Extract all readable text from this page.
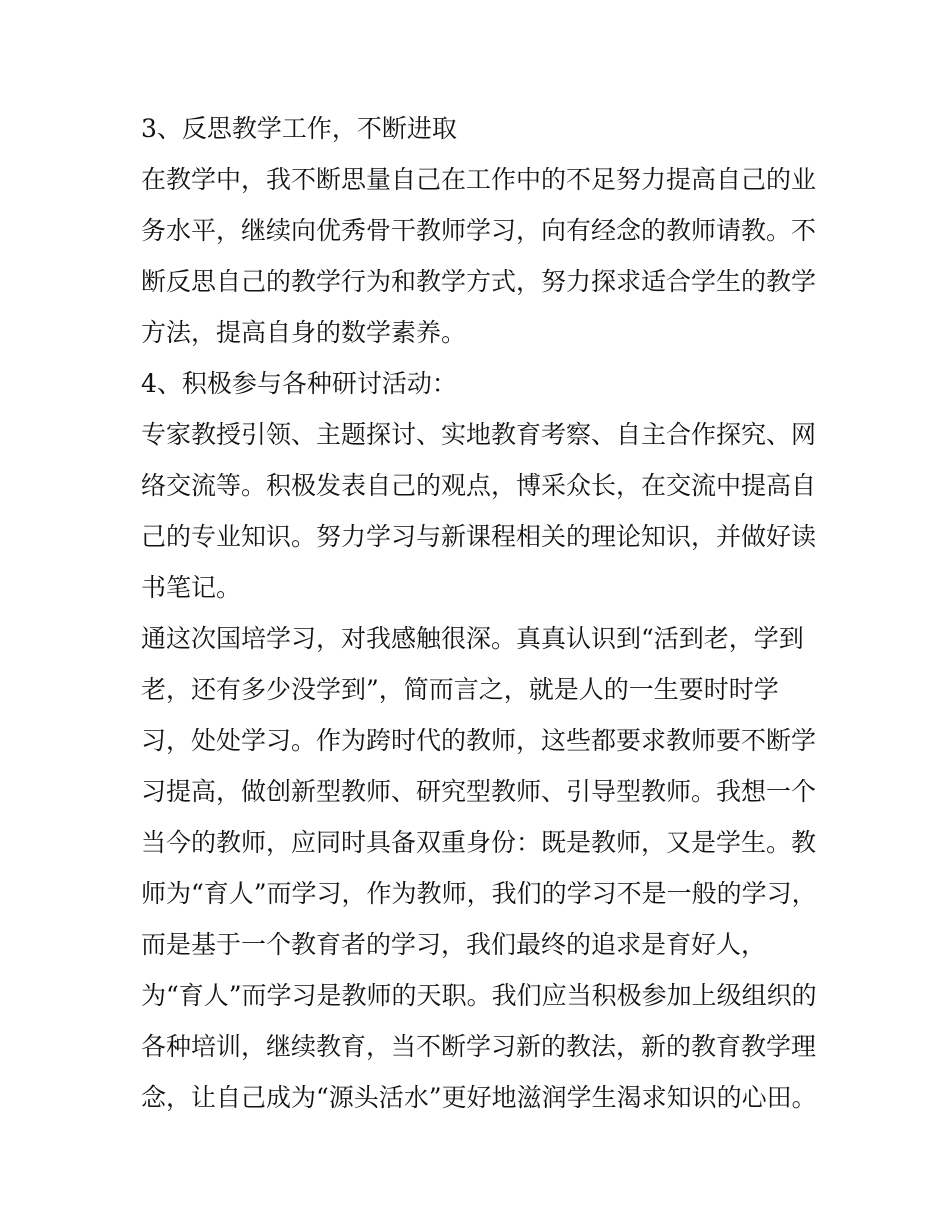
3、反思教学工作，不断进取
在教学中，我不断思量自己在工作中的不足努力提高自己的业
务水平，继续向优秀骨干教师学习，向有经念的教师请教。不
断反思自己的教学行为和教学方式，努力探求适合学生的教学
方法，提高自身的数学素养。
4、积极参与各种研讨活动：
专家教授引领、主题探讨、实地教育考察、自主合作探究、网
络交流等。积极发表自己的观点，博采众长，在交流中提高自
己的专业知识。努力学习与新课程相关的理论知识，并做好读
书笔记。
通这次国培学习，对我感触很深。真真认识到“活到老，学到
老，还有多少没学到”，简而言之，就是人的一生要时时学
习，处处学习。作为跨时代的教师，这些都要求教师要不断学
习提高，做创新型教师、研究型教师、引导型教师。我想一个
当今的教师，应同时具备双重身份：既是教师，又是学生。教
师为“育人”而学习，作为教师，我们的学习不是一般的学习，
而是基于一个教育者的学习，我们最终的追求是育好人，
为“育人”而学习是教师的天职。我们应当积极参加上级组织的
各种培训，继续教育，当不断学习新的教法，新的教育教学理
念，让自己成为“源头活水”更好地滋润学生渴求知识的心田。
